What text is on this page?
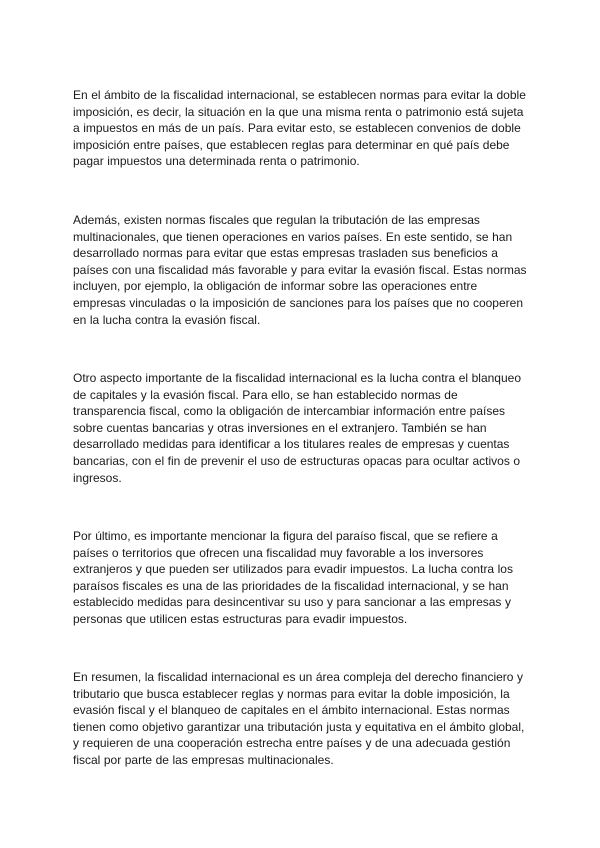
En el ámbito de la fiscalidad internacional, se establecen normas para evitar la doble imposición, es decir, la situación en la que una misma renta o patrimonio está sujeta a impuestos en más de un país. Para evitar esto, se establecen convenios de doble imposición entre países, que establecen reglas para determinar en qué país debe pagar impuestos una determinada renta o patrimonio.

Además, existen normas fiscales que regulan la tributación de las empresas multinacionales, que tienen operaciones en varios países. En este sentido, se han desarrollado normas para evitar que estas empresas trasladen sus beneficios a países con una fiscalidad más favorable y para evitar la evasión fiscal. Estas normas incluyen, por ejemplo, la obligación de informar sobre las operaciones entre empresas vinculadas o la imposición de sanciones para los países que no cooperen en la lucha contra la evasión fiscal.

Otro aspecto importante de la fiscalidad internacional es la lucha contra el blanqueo de capitales y la evasión fiscal. Para ello, se han establecido normas de transparencia fiscal, como la obligación de intercambiar información entre países sobre cuentas bancarias y otras inversiones en el extranjero. También se han desarrollado medidas para identificar a los titulares reales de empresas y cuentas bancarias, con el fin de prevenir el uso de estructuras opacas para ocultar activos o ingresos.

Por último, es importante mencionar la figura del paraíso fiscal, que se refiere a países o territorios que ofrecen una fiscalidad muy favorable a los inversores extranjeros y que pueden ser utilizados para evadir impuestos. La lucha contra los paraísos fiscales es una de las prioridades de la fiscalidad internacional, y se han establecido medidas para desincentivar su uso y para sancionar a las empresas y personas que utilicen estas estructuras para evadir impuestos.

En resumen, la fiscalidad internacional es un área compleja del derecho financiero y tributario que busca establecer reglas y normas para evitar la doble imposición, la evasión fiscal y el blanqueo de capitales en el ámbito internacional. Estas normas tienen como objetivo garantizar una tributación justa y equitativa en el ámbito global, y requieren de una cooperación estrecha entre países y de una adecuada gestión fiscal por parte de las empresas multinacionales.
